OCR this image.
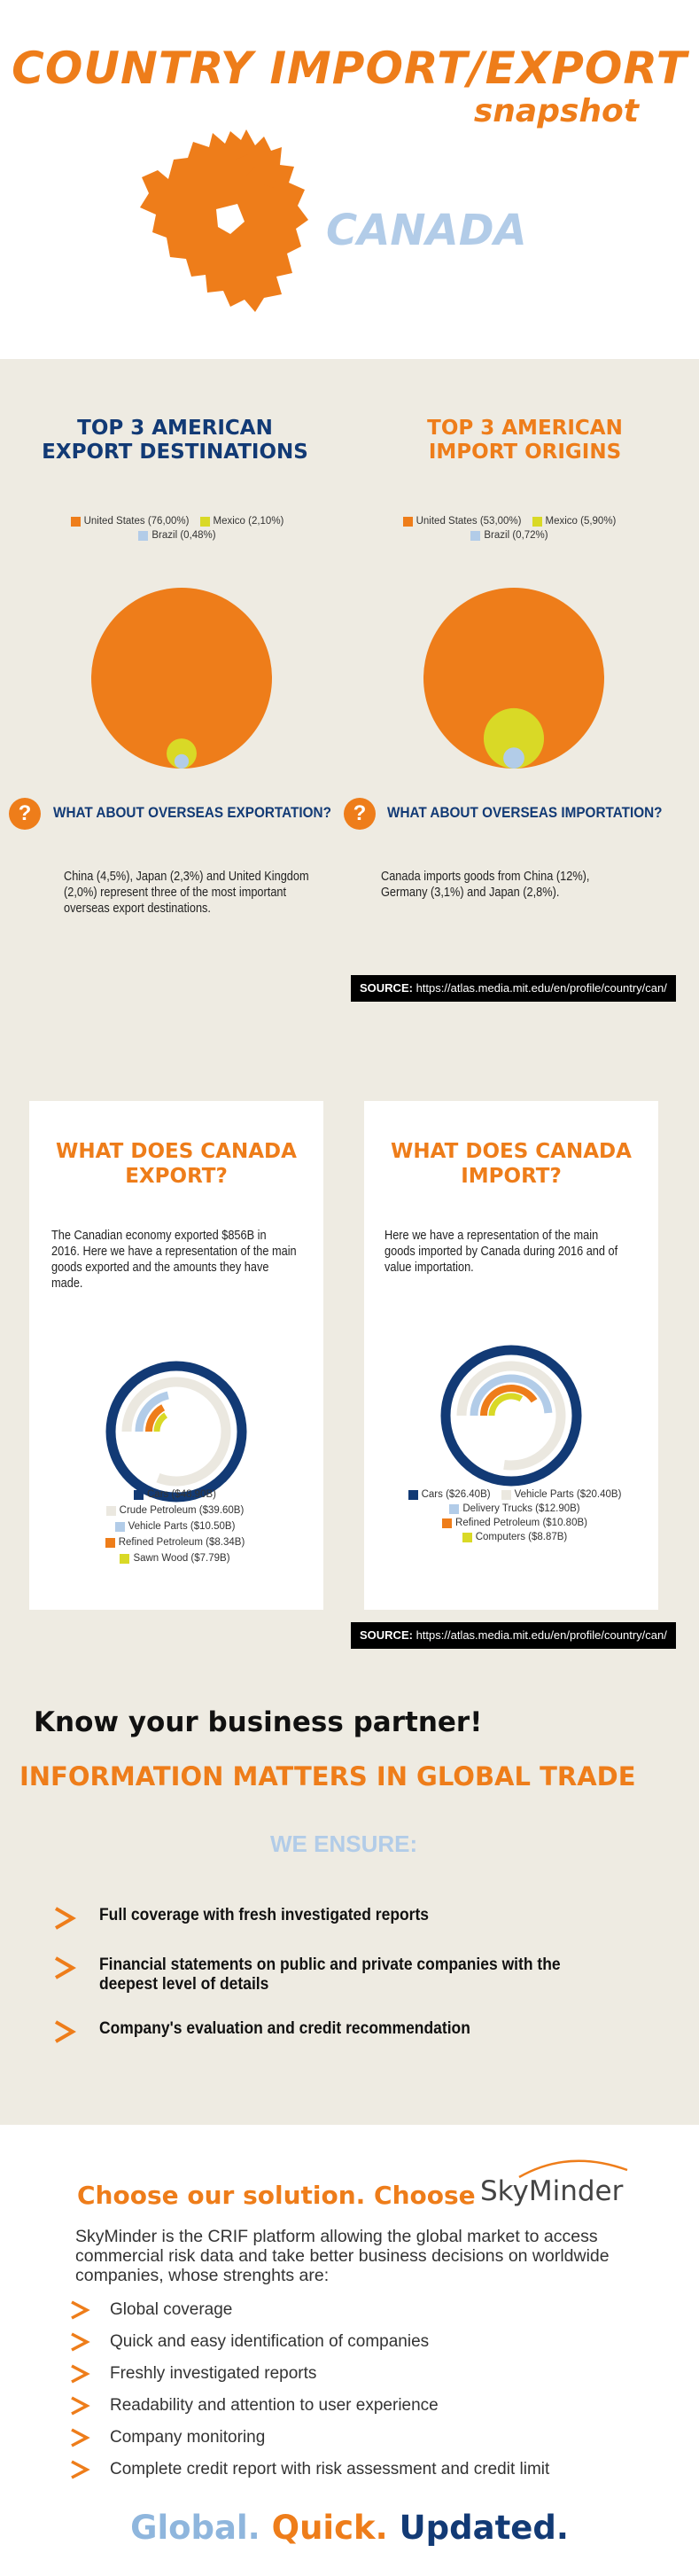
COUNTRY IMPORT/EXPORT
snapshot
CANADA
TOP 3 AMERICAN
EXPORT DESTINATIONS
United States (76,00%) Mexico (2,10%)
Brazil (0,48%)
TOP 3 AMERICAN
IMPORT ORIGINS
United States (53,00%) Mexico (5,90%)
Brazil (0,72%)
?	WHAT ABOUT OVERSEAS EXPORTATION?	?	WHAT ABOUT OVERSEAS IMPORTATION?
China (4,5%), Japan (2,3%) and United Kingdom (2,0%) represent three of the most important overseas export destinations.
Canada imports goods from China (12%), Germany (3,1%) and Japan (2,8%).
SOURCE: https://atlas.media.mit.edu/en/profile/country/can/
WHAT DOES CANADA
EXPORT?
The Canadian economy exported $856B in 2016. Here we have a representation of the main goods exported and the amounts they have made.
Cars ($48.90B)
Crude Petroleum ($39.60B)
Vehicle Parts ($10.50B)
Refined Petroleum ($8.34B)
Sawn Wood ($7.79B)
WHAT DOES CANADA
IMPORT?
Here we have a representation of the main goods imported by Canada during 2016 and of value importation.
Cars ($26.40B) Vehicle Parts ($20.40B)
Delivery Trucks ($12.90B)
Refined Petroleum ($10.80B)
Computers ($8.87B)
SOURCE: https://atlas.media.mit.edu/en/profile/country/can/
Know your business partner!
INFORMATION MATTERS IN GLOBAL TRADE
WE ENSURE:
Full coverage with fresh investigated reports
Financial statements on public and private companies with the deepest level of details
Company's evaluation and credit recommendation
Choose our solution. Choose SkyMinder
SkyMinder is the CRIF platform allowing the global market to access commercial risk data and take better business decisions on worldwide companies, whose strenghts are:
Global coverage
Quick and easy identification of companies
Freshly investigated reports
Readability and attention to user experience
Company monitoring
Complete credit report with risk assessment and credit limit
Global. Quick. Updated.
